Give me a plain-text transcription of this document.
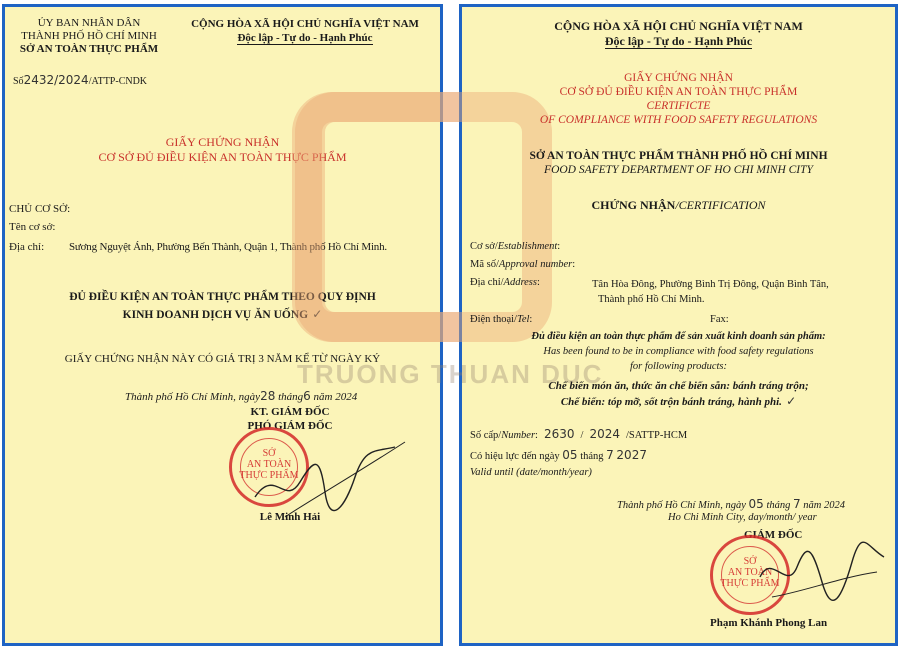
ỦY BAN NHÂN DÂN
THÀNH PHỐ HỒ CHÍ MINH
SỞ AN TOÀN THỰC PHẨM
CỘNG HÒA XÃ HỘI CHỦ NGHĨA VIỆT NAM
Độc lập - Tự do - Hạnh Phúc
Số2432/2024/ATTP-CNDK
GIẤY CHỨNG NHẬN
CƠ SỞ ĐỦ ĐIỀU KIỆN AN TOÀN THỰC PHẨM
CHỦ CƠ SỞ:
Tên cơ sở:
Địa chỉ: Sương Nguyệt Ánh, Phường Bến Thành, Quận 1, Thành phố Hồ Chí Minh.
ĐỦ ĐIỀU KIỆN AN TOÀN THỰC PHẨM THEO QUY ĐỊNH
KINH DOANH DỊCH VỤ ĂN UỐNG ✓
GIẤY CHỨNG NHẬN NÀY CÓ GIÁ TRỊ 3 NĂM KỂ TỪ NGÀY KÝ
Thành phố Hồ Chí Minh, ngày28 tháng6 năm 2024
KT. GIÁM ĐỐC
PHÓ GIÁM ĐỐC
SỞ
AN TOÀN
THỰC PHẨM
Lê Minh Hải
TRUONG THUAN DUC
CỘNG HÒA XÃ HỘI CHỦ NGHĨA VIỆT NAM
Độc lập - Tự do - Hạnh Phúc
GIẤY CHỨNG NHẬN
CƠ SỞ ĐỦ ĐIỀU KIỆN AN TOÀN THỰC PHẨM
CERTIFICTE
OF COMPLIANCE WITH FOOD SAFETY REGULATIONS
SỞ AN TOÀN THỰC PHẨM THÀNH PHỐ HỒ CHÍ MINH
FOOD SAFETY DEPARTMENT OF HO CHI MINH CITY
CHỨNG NHẬN/CERTIFICATION
Cơ sở/Establishment:
Mã số/Approval number:
Địa chỉ/Address:	Tân Hòa Đông, Phường Bình Trị Đông, Quận Bình Tân,
Thành phố Hồ Chí Minh.
Điện thoại/Tel:	Fax:
Đủ điều kiện an toàn thực phẩm để sản xuất kinh doanh sản phẩm:
Has been found to be in compliance with food safety regulations
for following products:
Chế biến món ăn, thức ăn chế biến sẵn: bánh tráng trộn;
Chế biến: tóp mỡ, sốt trộn bánh tráng, hành phi. ✓
Số cấp/Number: 2630 / 2024 /SATTP-HCM
Có hiệu lực đến ngày 05 tháng 7 2027
Valid until (date/month/year)
Thành phố Hồ Chí Minh, ngày 05 tháng 7 năm 2024
Ho Chi Minh City, day/month/ year
GIÁM ĐỐC
SỞ
AN TOÀN
THỰC PHẨM
Phạm Khánh Phong Lan
